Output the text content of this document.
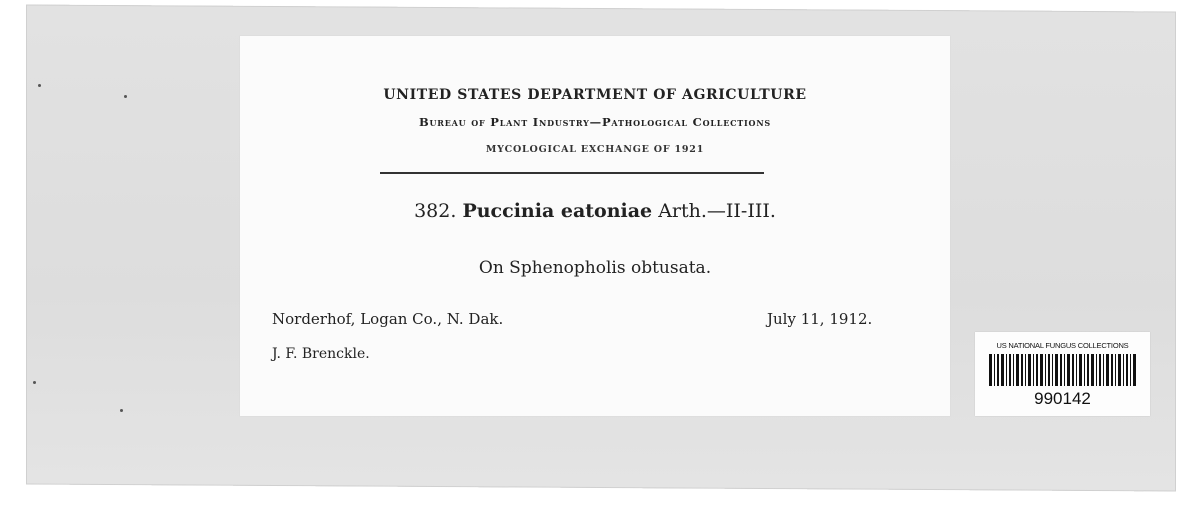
UNITED STATES DEPARTMENT OF AGRICULTURE
Bureau of Plant Industry—Pathological Collections
MYCOLOGICAL EXCHANGE OF 1921
382. Puccinia eatoniae Arth.—II-III.
On Sphenopholis obtusata.
Norderhof, Logan Co., N. Dak.	July 11, 1912.
J. F. Brenckle.
US NATIONAL FUNGUS COLLECTIONS
990142
